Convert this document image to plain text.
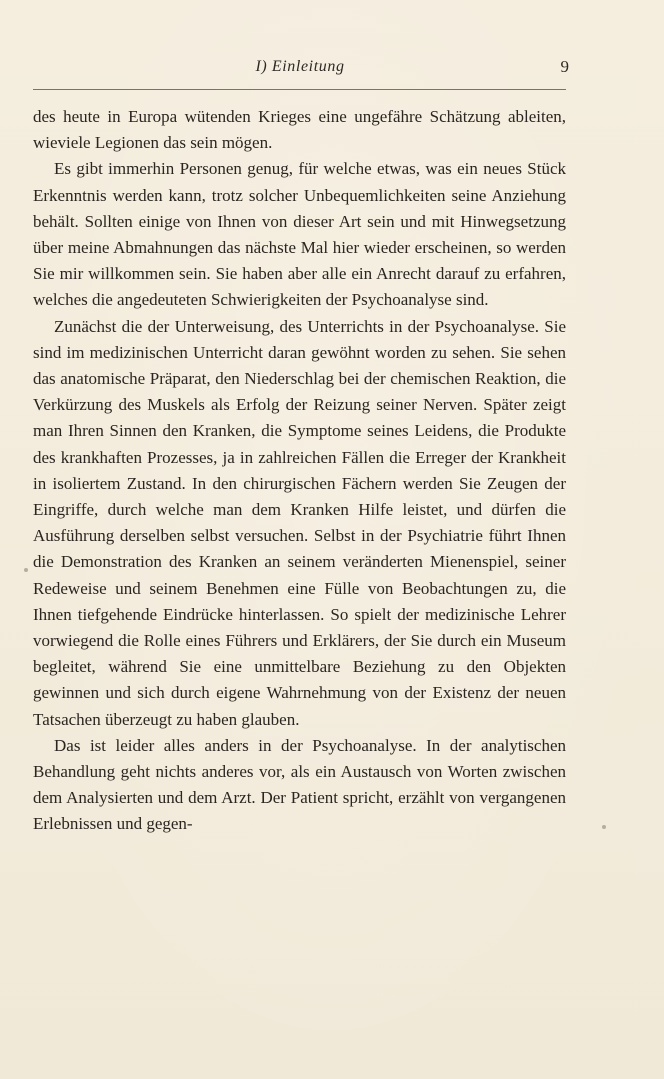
I) Einleitung	9

des heute in Europa wütenden Krieges eine ungefähre Schätzung ableiten, wieviele Legionen das sein mögen.

Es gibt immerhin Personen genug, für welche etwas, was ein neues Stück Erkenntnis werden kann, trotz solcher Unbequemlichkeiten seine Anziehung behält. Sollten einige von Ihnen von dieser Art sein und mit Hinwegsetzung über meine Abmahnungen das nächste Mal hier wieder erscheinen, so werden Sie mir willkommen sein. Sie haben aber alle ein Anrecht darauf zu erfahren, welches die angedeuteten Schwierigkeiten der Psychoanalyse sind.

Zunächst die der Unterweisung, des Unterrichts in der Psychoanalyse. Sie sind im medizinischen Unterricht daran gewöhnt worden zu sehen. Sie sehen das anatomische Präparat, den Niederschlag bei der chemischen Reaktion, die Verkürzung des Muskels als Erfolg der Reizung seiner Nerven. Später zeigt man Ihren Sinnen den Kranken, die Symptome seines Leidens, die Produkte des krankhaften Prozesses, ja in zahlreichen Fällen die Erreger der Krankheit in isoliertem Zustand. In den chirurgischen Fächern werden Sie Zeugen der Eingriffe, durch welche man dem Kranken Hilfe leistet, und dürfen die Ausführung derselben selbst versuchen. Selbst in der Psychiatrie führt Ihnen die Demonstration des Kranken an seinem veränderten Mienenspiel, seiner Redeweise und seinem Benehmen eine Fülle von Beobachtungen zu, die Ihnen tiefgehende Eindrücke hinterlassen. So spielt der medizinische Lehrer vorwiegend die Rolle eines Führers und Erklärers, der Sie durch ein Museum begleitet, während Sie eine unmittelbare Beziehung zu den Objekten gewinnen und sich durch eigene Wahrnehmung von der Existenz der neuen Tatsachen überzeugt zu haben glauben.

Das ist leider alles anders in der Psychoanalyse. In der analytischen Behandlung geht nichts anderes vor, als ein Austausch von Worten zwischen dem Analysierten und dem Arzt. Der Patient spricht, erzählt von vergangenen Erlebnissen und gegen-
